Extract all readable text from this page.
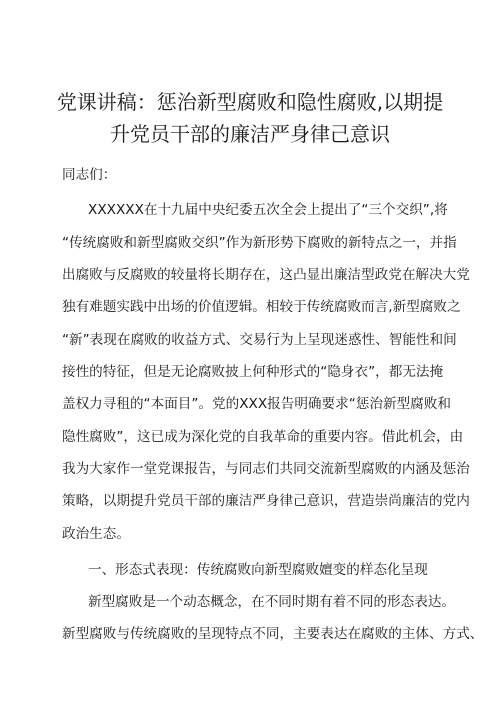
党课讲稿：惩治新型腐败和隐性腐败,以期提
升党员干部的廉洁严身律己意识
同志们：
XXXXXX在十九届中央纪委五次全会上提出了“三个交织”,将
“传统腐败和新型腐败交织”作为新形势下腐败的新特点之一，并指
出腐败与反腐败的较量将长期存在，这凸显出廉洁型政党在解决大党
独有难题实践中出场的价值逻辑。相较于传统腐败而言,新型腐败之
“新”表现在腐败的收益方式、交易行为上呈现迷惑性、智能性和间
接性的特征，但是无论腐败披上何种形式的“隐身衣”，都无法掩
盖权力寻租的“本面目”。党的XXX报告明确要求“惩治新型腐败和
隐性腐败”，这已成为深化党的自我革命的重要内容。借此机会，由
我为大家作一堂党课报告，与同志们共同交流新型腐败的内涵及惩治
策略，以期提升党员干部的廉洁严身律己意识，营造崇尚廉洁的党内
政治生态。
一、形态式表现：传统腐败向新型腐败嬗变的样态化呈现
新型腐败是一个动态概念，在不同时期有着不同的形态表达。
新型腐败与传统腐败的呈现特点不同，主要表达在腐败的主体、方式、
